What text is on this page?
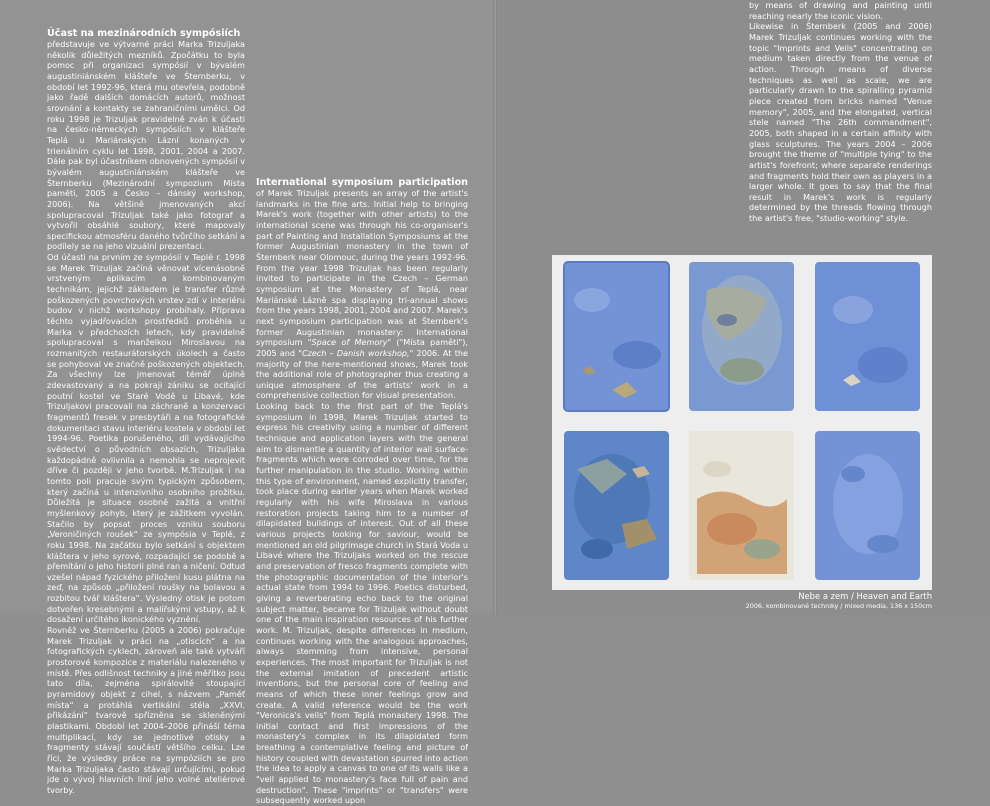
Účast na mezinárodních sympósiích

představuje ve výtvarné práci Marka Trizuljaka několik důležitých mezníků. Zpočátku to byla pomoc při organizaci sympósií v bývalém augustiniánském klášteře ve Šternberku, v období let 1992-96, která mu otevřela, podobně jako řadě dalších domácích autorů, možnost srovnání a kontakty se zahraničními umělci. Od roku 1998 je Trizuljak pravidelně zván k účasti na česko-německých sympósiích v klášteře Teplá u Mariánských Lázní konaných v trienálním cyklu let 1998, 2001, 2004 a 2007. Dále pak byl účastníkem obnovených sympósií v bývalém augustiniánském klášteře ve Šternberku (Mezinárodní sympozium Místa paměti, 2005 a Česko – dánský workshop, 2006). Na většině jmenovaných akcí spolupracoval Trizuljak také jako fotograf a vytvořil obsáhlé soubory, které mapovaly specifickou atmosféru daného tvůrčího setkání a podílely se na jeho vizuální prezentaci.

Od účasti na prvním ze sympósií v Teplé r. 1998 se Marek Trizuljak začíná věnovat vícenásobně vrstveným aplikacím a kombinovaným technikám, jejichž základem je transfer různě poškozených povrchových vrstev zdí v interiéru budov v nichž workshopy probíhaly. Příprava těchto vyjadřovacích prostředků proběhla u Marka v předchozích letech, kdy pravidelně spolupracoval s manželkou Miroslavou na rozmanitých restaurátorských úkolech a často se pohyboval ve značně poškozených objektech. Za všechny lze jmenovat téměř úplně zdevastovaný a na pokraji zániku se ocitající poutní kostel ve Staré Vodě u Libavé, kde Trizuljakovi pracovali na záchraně a konzervaci fragmentů fresek v presbytáři a na fotografické dokumentaci stavu interiéru kostela v období let 1994-96. Poetika porušeného, díl vydávajícího svědectví o původních obsazích, Trizuljaka každopádně ovlivnila a nemohla se neprojevit dříve či později v jeho tvorbě. M.Trizuljak i na tomto poli pracuje svým typickým způsobem, který začíná u intenzivního osobního prožitku. Důležitá je situace osobně zažitá a vnitřní myšlenkový pohyb, který je zážitkem vyvolán. Stačilo by popsat proces vzniku souboru „Veroničiných roušek“ ze sympósia v Teplé, z roku 1998. Na začátku bylo setkání s objektem kláštera v jeho syrové, rozpadající se podobě a přemítání o jeho historii plné ran a ničení. Odtud vzešel nápad fyzického přiložení kusu plátna na zeď, na způsob „přiložení roušky na bolavou a rozbitou tvář kláštera“. Výsledný otisk je potom dotvořen kresebnými a malířskými vstupy, až k dosažení určitého ikonického vyznění.

Rovněž ve Šternberku (2005 a 2006) pokračuje Marek Trizuljak v práci na „otiscích“ a na fotografických cyklech, zároveň ale také vytváří prostorové kompozice z materiálu nalezeného v místě. Přes odlišnost techniky a jiné měřítko jsou tato díla, zejména spirálovitě stoupající pyramidový objekt z cihel, s názvem „Paměť místa“ a protáhlá vertikální stéla „XXVI. přikázání“ tvarově spřízněna se skleněnými plastikami. Období let 2004–2006 přináší téma multiplikací, kdy se jednotlivé otisky a fragmenty stávají součástí většího celku. Lze říci, že výsledky práce na sympóziích se pro Marka Trizuljaka často stávají určujícími, pokud jde o vývoj hlavních linií jeho volné ateliérové tvorby.

International symposium participation of Marek Trizuljak presents an array of the artist's landmarks in the fine arts. Initial help to bringing Marek's work (together with other artists) to the international scene was through his co-organiser's part of Painting and Installation Symposiums at the former Augustinian monastery in the town of Šternberk near Olomouc, during the years 1992-96. From the year 1998 Trizuljak has been regularly invited to participate in the Czech – German symposium at the Monastery of Teplá, near Mariánské Lázně spa displaying tri-annual shows from the years 1998, 2001, 2004 and 2007. Marek's next symposium participation was at Šternberk's former Augustinian monastery: International symposium "Space of Memory" ("Místa paměti"), 2005 and "Czech – Danish workshop," 2006. At the majority of the here-mentioned shows, Marek took the additional role of photographer thus creating a unique atmosphere of the artists' work in a comprehensive collection for visual presentation.

Looking back to the first part of the Teplá's symposium in 1998, Marek Trizuljak started to express his creativity using a number of different technique and application layers with the general aim to dismantle a quantity of interior wall surface-fragments which were corroded over time, for the further manipulation in the studio. Working within this type of environment, named explicitly transfer, took place during earlier years when Marek worked regularly with his wife Miroslava in various restoration projects taking him to a number of dilapidated buildings of interest. Out of all these various projects looking for saviour, would be mentioned an old pilgrimage church in Stará Voda u Libavé where the Trizuljaks worked on the rescue and preservation of fresco fragments complete with the photographic documentation of the interior's actual state from 1994 to 1996. Poetics disturbed, giving a reverberating echo back to the original subject matter, became for Trizuljak without doubt one of the main inspiration resources of his further work. M. Trizuljak, despite differences in medium, continues working with the analogous approaches, always stemming from intensive, personal experiences. The most important for Trizuljak is not the external imitation of precedent artistic inventions, but the personal core of feeling and means of which these inner feelings grow and create. A valid reference would be the work "Veronica's veils" from Teplá monastery 1998. The initial contact and first impressions of the monastery's complex in its dilapidated form breathing a contemplative feeling and picture of history coupled with devastation spurred into action the idea to apply a canvas to one of its walls like a "veil applied to monastery's face full of pain and destruction". These "imprints" or "transfers" were subsequently worked upon

by means of drawing and painting until reaching nearly the iconic vision.

Likewise in Šternberk (2005 and 2006) Marek Trizuljak continues working with the topic "Imprints and Veils" concentrating on medium taken directly from the venue of action. Through means of diverse techniques as well as scale, we are particularly drawn to the spiralling pyramid piece created from bricks named "Venue memory", 2005, and the elongated, vertical stele named "The 26th commandment", 2005, both shaped in a certain affinity with glass sculptures. The years 2004 – 2006 brought the theme of "multiple tying" to the artist's forefront; where separate renderings and fragments hold their own as players in a larger whole. It goes to say that the final result in Marek's work is regularly determined by the threads flowing through the artist's free, "studio-working" style.

Nebe a zem / Heaven and Earth
2006, kombinované techniky / mixed media, 136 x 150cm
